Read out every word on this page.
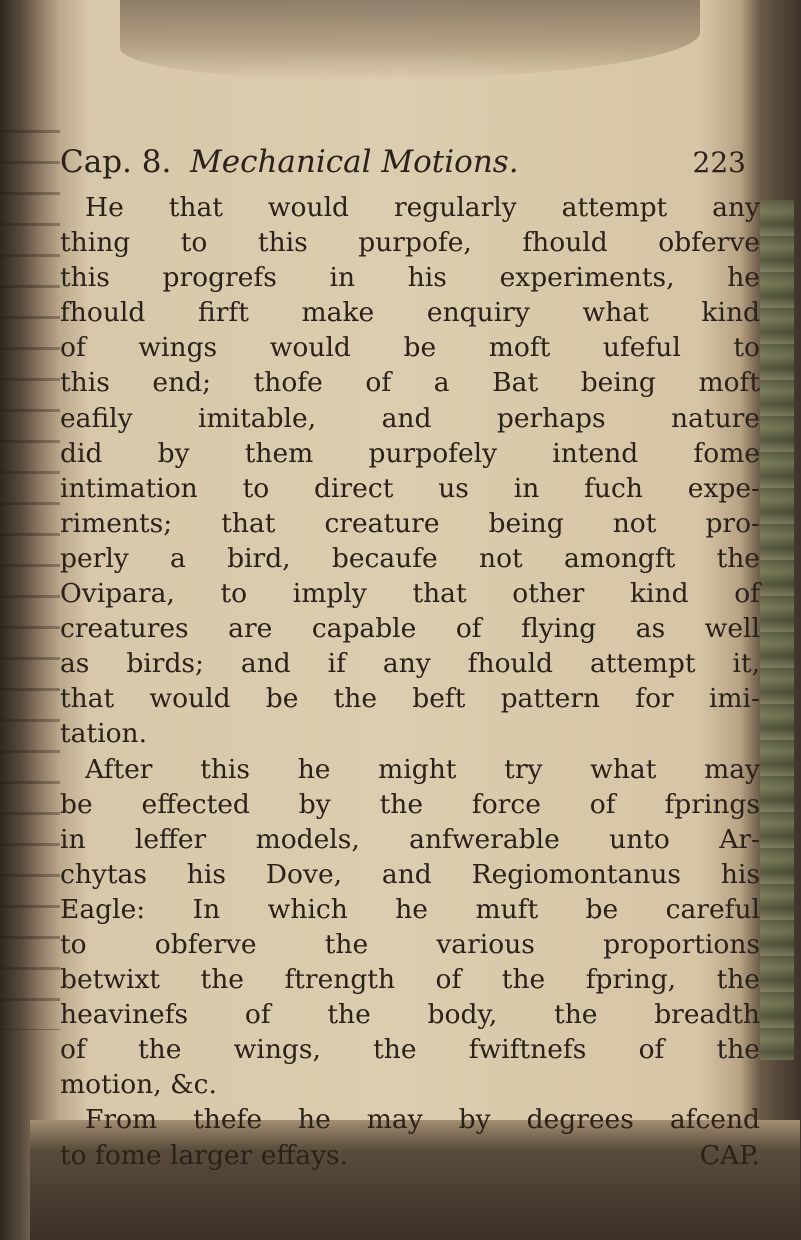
Cap. 8. Mechanical Motions.	223
He that would regularly attempt any
thing to this purpofe, fhould obferve
this progrefs in his experiments, he
fhould firft make enquiry what kind
of wings would be moft ufeful to
this end; thofe of a Bat being moft
eafily imitable, and perhaps nature
did by them purpofely intend fome
intimation to direct us in fuch expe-
riments; that creature being not pro-
perly a bird, becaufe not amongft the
Ovipara, to imply that other kind of
creatures are capable of flying as well
as birds; and if any fhould attempt it,
that would be the beft pattern for imi-
tation.
After this he might try what may
be effected by the force of fprings
in leffer models, anfwerable unto Ar-
chytas his Dove, and Regiomontanus his
Eagle: In which he muft be careful
to obferve the various proportions
betwixt the ftrength of the fpring, the
heavinefs of the body, the breadth
of the wings, the fwiftnefs of the
motion, &c.
From thefe he may by degrees afcend
to fome larger effays.	CAP.
